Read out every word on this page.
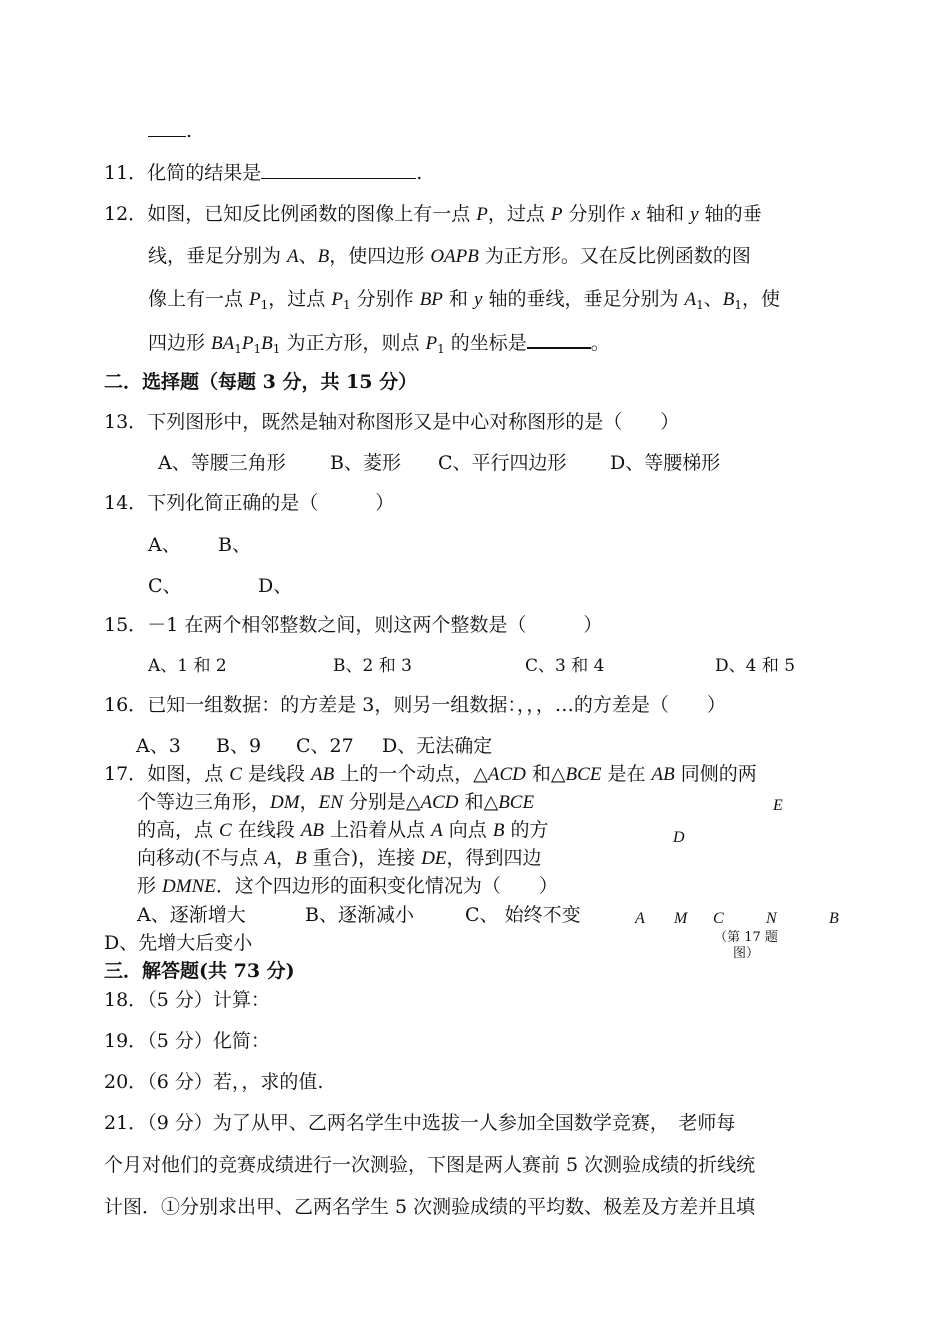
.
11．化简的结果是	.
12．如图，已知反比例函数的图像上有一点 P，过点 P 分别作 x 轴和 y 轴的垂
线，垂足分别为 A、B，使四边形 OAPB 为正方形。又在反比例函数的图
像上有一点 $P_1$，过点 $P_1$ 分别作 BP 和 y 轴的垂线，垂足分别为 $A_1$、$B_1$，使
四边形 $BA_1P_1B_1$ 为正方形，则点 $P_1$ 的坐标是	。
二．选择题（每题 3 分，共 15 分）
13．下列图形中，既然是轴对称图形又是中心对称图形的是（　　）
A、等腰三角形 B、菱形 C、平行四边形 D、等腰梯形
14．下列化简正确的是（　　　）
A、 B、
C、	D、
15．－1 在两个相邻整数之间，则这两个整数是（　　　）
A、1 和 2	B、2 和 3	C、3 和 4	D、4 和 5
16．已知一组数据：的方差是 3，则另一组数据：，，，…的方差是（　　）
A、3 B、9 C、27 D、无法确定
17．如图，点 C 是线段 AB 上的一个动点，△ACD 和△BCE 是在 AB 同侧的两
个等边三角形，DM，EN 分别是△ACD 和△BCE
的高，点 C 在线段 AB 上沿着从点 A 向点 B 的方
向移动(不与点 A，B 重合)，连接 DE，得到四边
形 DMNE．这个四边形的面积变化情况为（　　）
A、逐渐增大	B、逐渐减小	C、 始终不变
D、先增大后变小
E
D
A M C	N	B
（第 17 题
图）
三．解答题(共 73 分)
18．（5 分）计算：
19．（5 分）化简：
20．（6 分）若，，求的值.
21．（9 分）为了从甲、乙两名学生中选拔一人参加全国数学竞赛，　老师每
个月对他们的竞赛成绩进行一次测验，下图是两人赛前 5 次测验成绩的折线统
计图．①分别求出甲、乙两名学生 5 次测验成绩的平均数、极差及方差并且填
